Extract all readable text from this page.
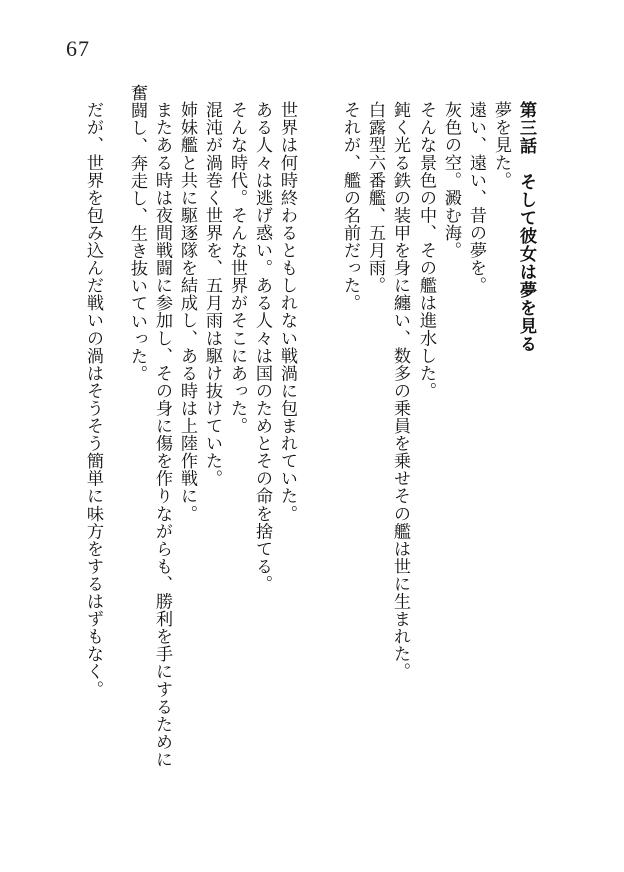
67
第三話　そして彼女は夢を見る
夢を見た。
遠い、遠い、昔の夢を。
灰色の空。澱む海。
そんな景色の中、その艦は進水した。
鈍く光る鉄の装甲を身に纏い、数多の乗員を乗せその艦は世に生まれた。
白露型六番艦、五月雨。
それが、艦の名前だった。
世界は何時終わるともしれない戦渦に包まれていた。
ある人々は逃げ惑い。ある人々は国のためとその命を捨てる。
そんな時代。そんな世界がそこにあった。
混沌が渦巻く世界を、五月雨は駆け抜けていた。
姉妹艦と共に駆逐隊を結成し、ある時は上陸作戦に。
またある時は夜間戦闘に参加し、その身に傷を作りながらも、勝利を手にするために
奮闘し、奔走し、生き抜いていった。
だが、世界を包み込んだ戦いの渦はそうそう簡単に味方をするはずもなく。
